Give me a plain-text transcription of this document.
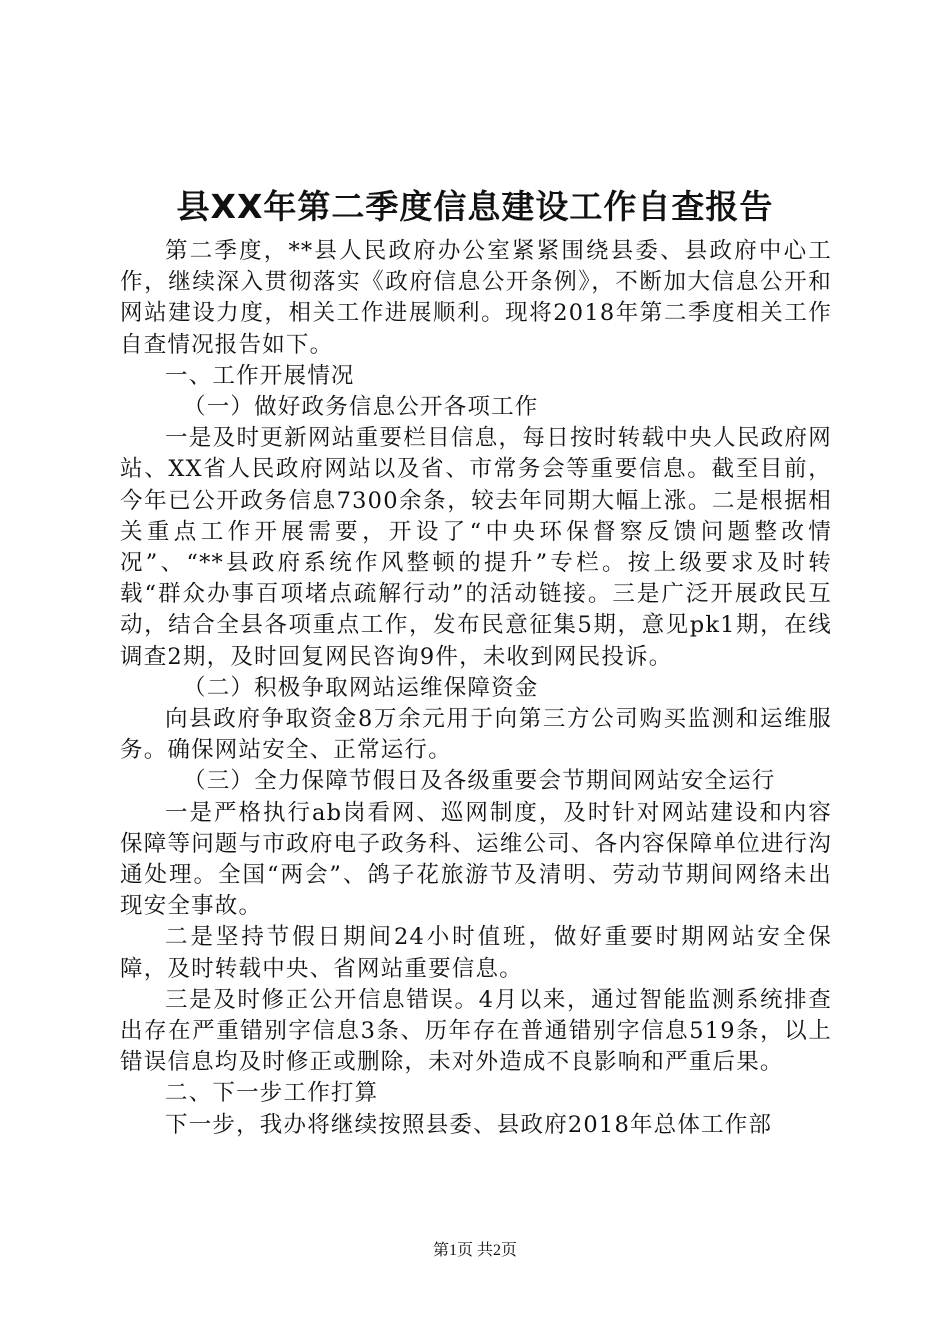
县XX年第二季度信息建设工作自查报告

第二季度，**县人民政府办公室紧紧围绕县委、县政府中心工作，继续深入贯彻落实《政府信息公开条例》，不断加大信息公开和网站建设力度，相关工作进展顺利。现将2018年第二季度相关工作自查情况报告如下。

一、工作开展情况

（一）做好政务信息公开各项工作

一是及时更新网站重要栏目信息，每日按时转载中央人民政府网站、XX省人民政府网站以及省、市常务会等重要信息。截至目前，今年已公开政务信息7300余条，较去年同期大幅上涨。二是根据相关重点工作开展需要，开设了“中央环保督察反馈问题整改情况”、“**县政府系统作风整顿的提升”专栏。按上级要求及时转载“群众办事百项堵点疏解行动”的活动链接。三是广泛开展政民互动，结合全县各项重点工作，发布民意征集5期，意见pk1期，在线调查2期，及时回复网民咨询9件，未收到网民投诉。

（二）积极争取网站运维保障资金

向县政府争取资金8万余元用于向第三方公司购买监测和运维服务。确保网站安全、正常运行。

（三）全力保障节假日及各级重要会节期间网站安全运行

一是严格执行ab岗看网、巡网制度，及时针对网站建设和内容保障等问题与市政府电子政务科、运维公司、各内容保障单位进行沟通处理。全国“两会”、鸽子花旅游节及清明、劳动节期间网络未出现安全事故。

二是坚持节假日期间24小时值班，做好重要时期网站安全保障，及时转载中央、省网站重要信息。

三是及时修正公开信息错误。4月以来，通过智能监测系统排查出存在严重错别字信息3条、历年存在普通错别字信息519条，以上错误信息均及时修正或删除，未对外造成不良影响和严重后果。

二、下一步工作打算

下一步，我办将继续按照县委、县政府2018年总体工作部

第1页 共2页
